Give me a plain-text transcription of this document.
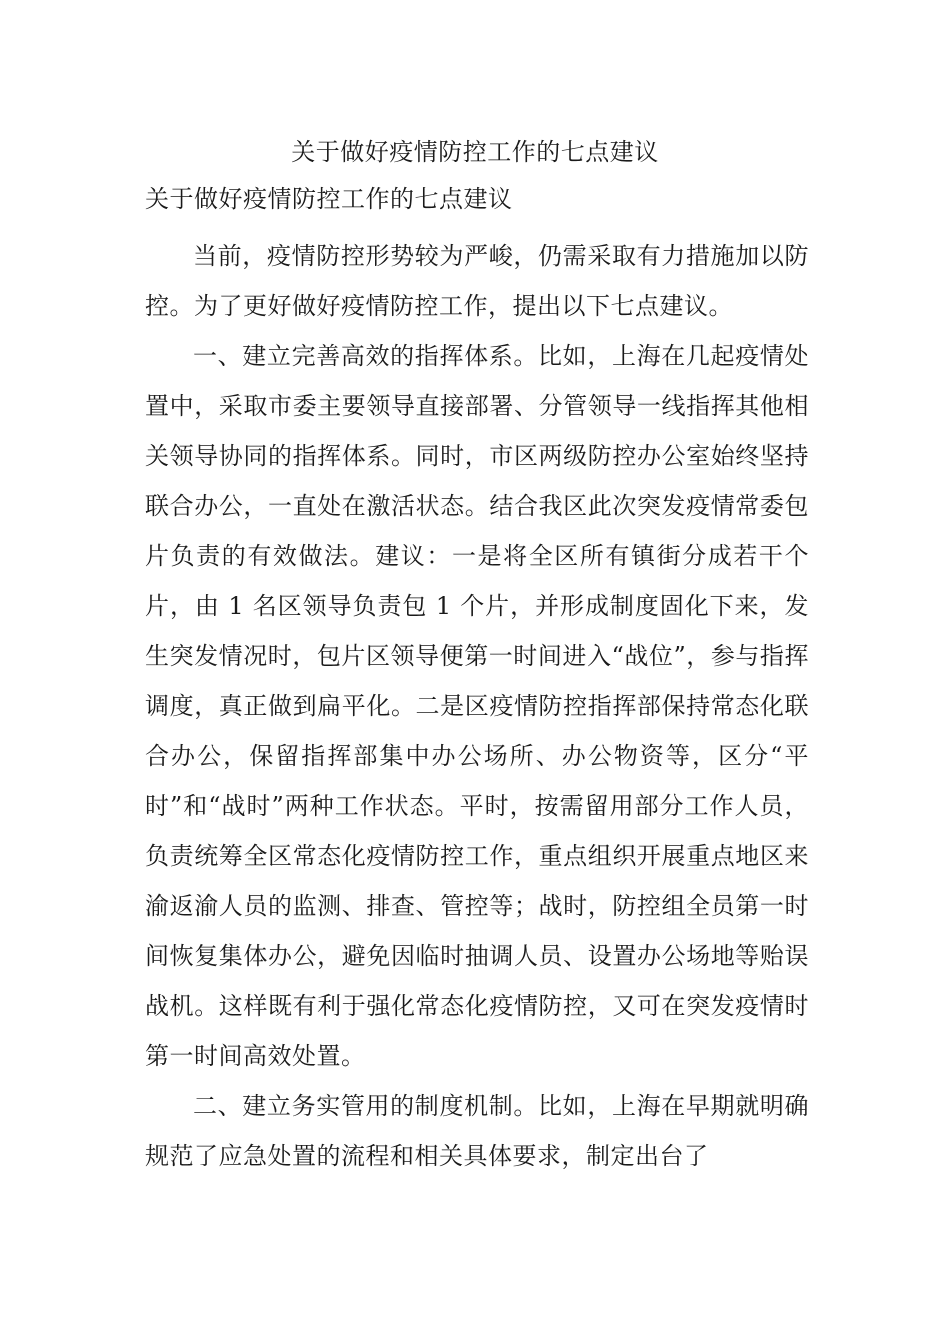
关于做好疫情防控工作的七点建议
关于做好疫情防控工作的七点建议

当前，疫情防控形势较为严峻，仍需采取有力措施加以防控。为了更好做好疫情防控工作，提出以下七点建议。

一、建立完善高效的指挥体系。比如，上海在几起疫情处置中，采取市委主要领导直接部署、分管领导一线指挥其他相关领导协同的指挥体系。同时，市区两级防控办公室始终坚持联合办公，一直处在激活状态。结合我区此次突发疫情常委包片负责的有效做法。建议：一是将全区所有镇街分成若干个片，由 1 名区领导负责包 1 个片，并形成制度固化下来，发生突发情况时，包片区领导便第一时间进入“战位”，参与指挥调度，真正做到扁平化。二是区疫情防控指挥部保持常态化联合办公，保留指挥部集中办公场所、办公物资等，区分“平时”和“战时”两种工作状态。平时，按需留用部分工作人员，负责统筹全区常态化疫情防控工作，重点组织开展重点地区来渝返渝人员的监测、排查、管控等；战时，防控组全员第一时间恢复集体办公，避免因临时抽调人员、设置办公场地等贻误战机。这样既有利于强化常态化疫情防控，又可在突发疫情时第一时间高效处置。

二、建立务实管用的制度机制。比如，上海在早期就明确规范了应急处置的流程和相关具体要求，制定出台了
